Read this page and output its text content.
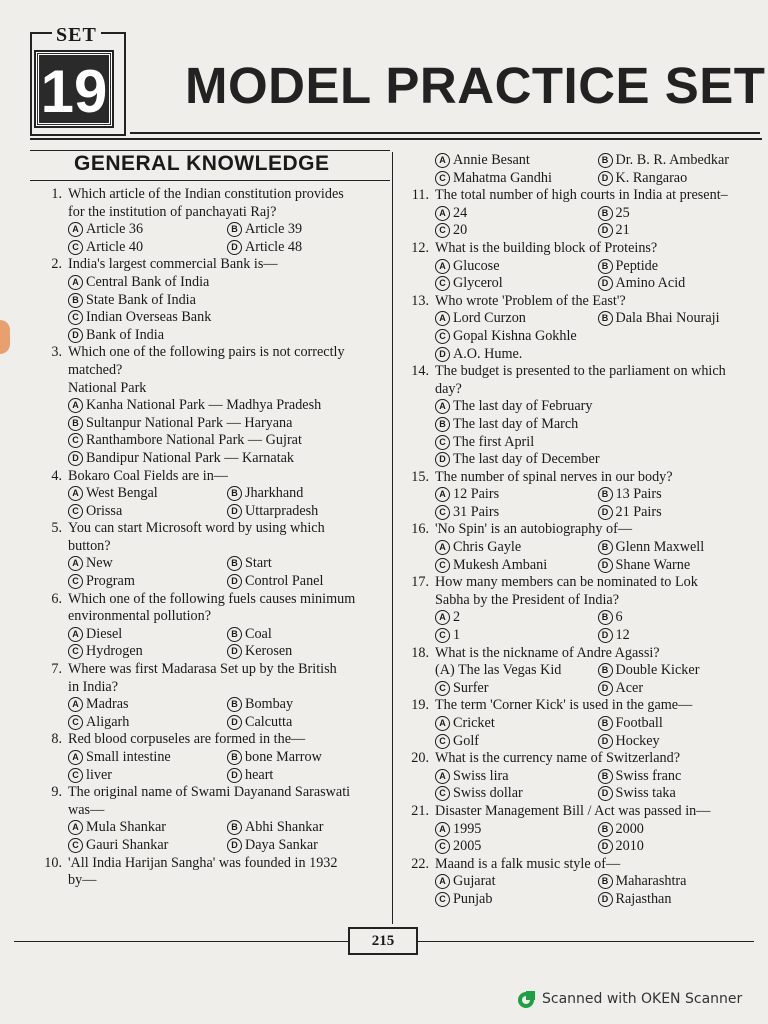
SET
19 MODEL PRACTICE SET
GENERAL KNOWLEDGE
1. Which article of the Indian constitution provides
for the institution of panchayati Raj?
A Article 36	B Article 39
C Article 40	D Article 48
2. India's largest commercial Bank is—
A Central Bank of India
B State Bank of India
C Indian Overseas Bank
D Bank of India
3. Which one of the following pairs is not correctly
matched?
National Park
A Kanha National Park — Madhya Pradesh
B Sultanpur National Park — Haryana
C Ranthambore National Park — Gujrat
D Bandipur National Park — Karnatak
4. Bokaro Coal Fields are in—
A West Bengal	B Jharkhand
C Orissa	D Uttarpradesh
5. You can start Microsoft word by using which
button?
A New	B Start
C Program	D Control Panel
6. Which one of the following fuels causes minimum
environmental pollution?
A Diesel	B Coal
C Hydrogen	D Kerosen
7. Where was first Madarasa Set up by the British
in India?
A Madras	B Bombay
C Aligarh	D Calcutta
8. Red blood corpuseles are formed in the—
A Small intestine	B bone Marrow
C liver	D heart
9. The original name of Swami Dayanand Saraswati
was—
A Mula Shankar	B Abhi Shankar
C Gauri Shankar	D Daya Sankar
10. 'All India Harijan Sangha' was founded in 1932
by—
A Annie Besant	B Dr. B. R. Ambedkar
C Mahatma Gandhi	D K. Rangarao
11. The total number of high courts in India at present–
A 24	B 25
C 20	D 21
12. What is the building block of Proteins?
A Glucose	B Peptide
C Glycerol	D Amino Acid
13. Who wrote 'Problem of the East'?
A Lord Curzon	B Dala Bhai Nouraji
C Gopal Kishna Gokhle
D A.O. Hume.
14. The budget is presented to the parliament on which
day?
A The last day of February
B The last day of March
C The first April
D The last day of December
15. The number of spinal nerves in our body?
A 12 Pairs	B 13 Pairs
C 31 Pairs	D 21 Pairs
16. 'No Spin' is an autobiography of—
A Chris Gayle	B Glenn Maxwell
C Mukesh Ambani	D Shane Warne
17. How many members can be nominated to Lok
Sabha by the President of India?
A 2	B 6
C 1	D 12
18. What is the nickname of Andre Agassi?
(A) The las Vegas Kid	B Double Kicker
C Surfer	D Acer
19. The term 'Corner Kick' is used in the game—
A Cricket	B Football
C Golf	D Hockey
20. What is the currency name of Switzerland?
A Swiss lira	B Swiss franc
C Swiss dollar	D Swiss taka
21. Disaster Management Bill / Act was passed in—
A 1995	B 2000
C 2005	D 2010
22. Maand is a falk music style of—
A Gujarat	B Maharashtra
C Punjab	D Rajasthan
215
Scanned with OKEN Scanner
